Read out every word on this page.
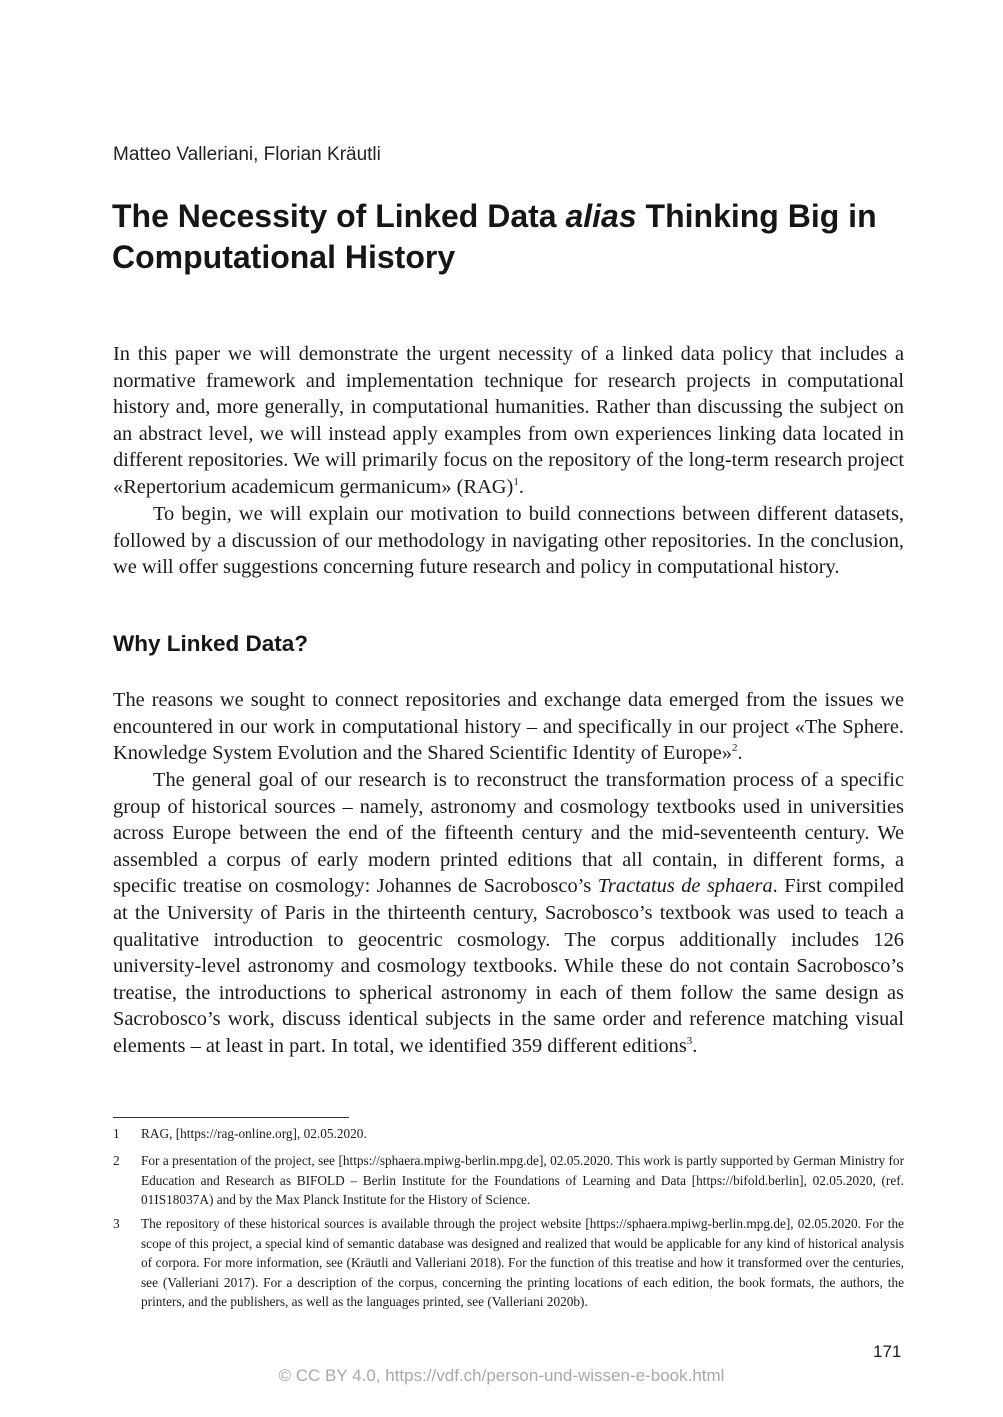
Matteo Valleriani, Florian Kräutli
The Necessity of Linked Data alias Thinking Big in Computational History

In this paper we will demonstrate the urgent necessity of a linked data policy that includes a normative framework and implementation technique for research projects in computational history and, more generally, in computational humanities. Rather than discussing the subject on an abstract level, we will instead apply examples from own experiences linking data located in different repositories. We will primarily focus on the repository of the long-term research project «Repertorium academicum germanicum» (RAG)$^1$.

To begin, we will explain our motivation to build connections between different datasets, followed by a discussion of our methodology in navigating other repositories. In the conclusion, we will offer suggestions concerning future research and policy in computational history.

Why Linked Data?

The reasons we sought to connect repositories and exchange data emerged from the issues we encountered in our work in computational history – and specifically in our project «The Sphere. Knowledge System Evolution and the Shared Scientific Identity of Europe»$^2$.

The general goal of our research is to reconstruct the transformation process of a specific group of historical sources – namely, astronomy and cosmology textbooks used in universities across Europe between the end of the fifteenth century and the mid-seventeenth century. We assembled a corpus of early modern printed editions that all contain, in different forms, a specific treatise on cosmology: Johannes de Sacrobosco’s Tractatus de sphaera. First compiled at the University of Paris in the thirteenth century, Sacrobosco’s textbook was used to teach a qualitative introduction to geocentric cosmology. The corpus additionally includes 126 university-level astronomy and cosmology textbooks. While these do not contain Sacrobosco’s treatise, the introductions to spherical astronomy in each of them follow the same design as Sacrobosco’s work, discuss identical subjects in the same order and reference matching visual elements – at least in part. In total, we identified 359 different editions$^3$.

1	RAG, [https://rag-online.org], 02.05.2020.
2	For a presentation of the project, see [https://sphaera.mpiwg-berlin.mpg.de], 02.05.2020. This work is partly supported by German Ministry for Education and Research as BIFOLD – Berlin Institute for the Foundations of Learning and Data [https://bifold.berlin], 02.05.2020, (ref. 01IS18037A) and by the Max Planck Institute for the History of Science.
3	The repository of these historical sources is available through the project website [https://sphaera.mpiwg-berlin.mpg.de], 02.05.2020. For the scope of this project, a special kind of semantic database was designed and realized that would be applicable for any kind of historical analysis of corpora. For more information, see (Kräutli and Valleriani 2018). For the function of this treatise and how it transformed over the centuries, see (Valleriani 2017). For a description of the corpus, concerning the printing locations of each edition, the book formats, the authors, the printers, and the publishers, as well as the languages printed, see (Valleriani 2020b).
171
© CC BY 4.0, https://vdf.ch/person-und-wissen-e-book.html
